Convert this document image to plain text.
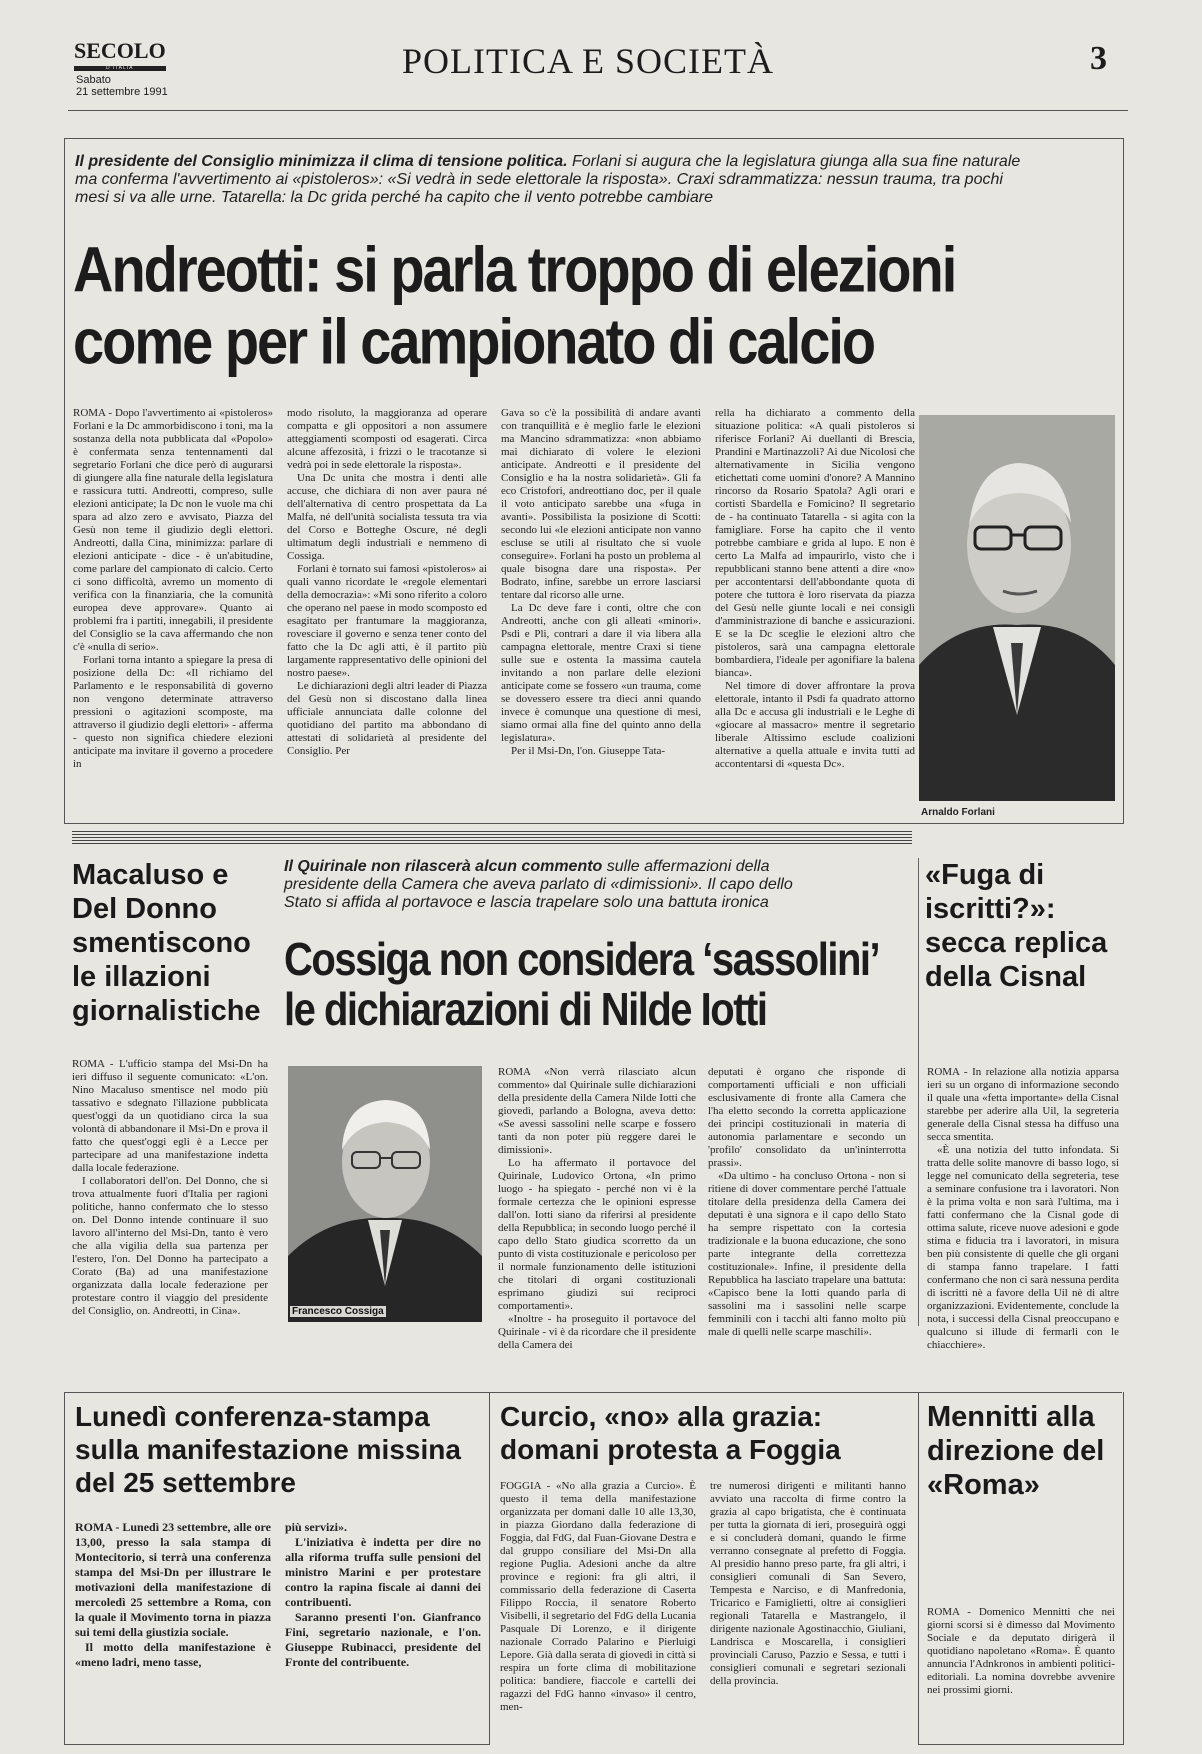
SECOLO
D'ITALIA
Sabato
21 settembre 1991
POLITICA E SOCIETÀ	3
Il presidente del Consiglio minimizza il clima di tensione politica. Forlani si augura che la legislatura giunga alla sua fine naturale ma conferma l'avvertimento ai «pistoleros»: «Si vedrà in sede elettorale la risposta». Craxi sdrammatizza: nessun trauma, tra pochi mesi si va alle urne. Tatarella: la Dc grida perché ha capito che il vento potrebbe cambiare
Andreotti: si parla troppo di elezioni
come per il campionato di calcio

ROMA - Dopo l'avvertimento ai «pistoleros» Forlani e la Dc ammorbidiscono i toni, ma la sostanza della nota pubblicata dal «Popolo» è confermata senza tentennamenti dal segretario Forlani che dice però di augurarsi di giungere alla fine naturale della legislatura e rassicura tutti. Andreotti, compreso, sulle elezioni anticipate; la Dc non le vuole ma chi spara ad alzo zero e avvisato, Piazza del Gesù non teme il giudizio degli elettori. Andreotti, dalla Cina, minimizza: parlare di elezioni anticipate - dice - è un'abitudine, come parlare del campionato di calcio. Certo ci sono difficoltà, avremo un momento di verifica con la finanziaria, che la comunità europea deve approvare». Quanto ai problemi fra i partiti, innegabili, il presidente del Consiglio se la cava affermando che non c'è «nulla di serio».

Forlani torna intanto a spiegare la presa di posizione della Dc: «Il richiamo del Parlamento e le responsabilità di governo non vengono determinate attraverso pressioni o agitazioni scomposte, ma attraverso il giudizio degli elettori» - afferma - questo non significa chiedere elezioni anticipate ma invitare il governo a procedere in

modo risoluto, la maggioranza ad operare compatta e gli oppositori a non assumere atteggiamenti scomposti od esagerati. Circa alcune affezosità, i frizzi o le tracotanze si vedrà poi in sede elettorale la risposta».

Una Dc unita che mostra i denti alle accuse, che dichiara di non aver paura né dell'alternativa di centro prospettata da La Malfa, né dell'unità socialista tessuta tra via del Corso e Botteghe Oscure, né degli ultimatum degli industriali e nemmeno di Cossiga.

Forlani è tornato sui famosi «pistoleros» ai quali vanno ricordate le «regole elementari della democrazia»: «Mi sono riferito a coloro che operano nel paese in modo scomposto ed esagitato per frantumare la maggioranza, rovesciare il governo e senza tener conto del fatto che la Dc agli atti, è il partito più largamente rappresentativo delle opinioni del nostro paese».

Le dichiarazioni degli altri leader di Piazza del Gesù non si discostano dalla linea ufficiale annunciata dalle colonne del quotidiano del partito ma abbondano di attestati di solidarietà al presidente del Consiglio. Per

Gava so c'è la possibilità di andare avanti con tranquillità e è meglio farle le elezioni ma Mancino sdrammatizza: «non abbiamo mai dichiarato di volere le elezioni anticipate. Andreotti e il presidente del Consiglio e ha la nostra solidarietà». Gli fa eco Cristofori, andreottiano doc, per il quale il voto anticipato sarebbe una «fuga in avanti». Possibilista la posizione di Scotti: secondo lui «le elezioni anticipate non vanno escluse se utili al risultato che si vuole conseguire». Forlani ha posto un problema al quale bisogna dare una risposta». Per Bodrato, infine, sarebbe un errore lasciarsi tentare dal ricorso alle urne.

La Dc deve fare i conti, oltre che con Andreotti, anche con gli alleati «minori». Psdi e Pli, contrari a dare il via libera alla campagna elettorale, mentre Craxi si tiene sulle sue e ostenta la massima cautela invitando a non parlare delle elezioni anticipate come se fossero «un trauma, come se dovessero essere tra dieci anni quando invece è comunque una questione di mesi, siamo ormai alla fine del quinto anno della legislatura».

Per il Msi-Dn, l'on. Giuseppe Tata-

rella ha dichiarato a commento della situazione politica: «A quali pistoleros si riferisce Forlani? Ai duellanti di Brescia, Prandini e Martinazzoli? Ai due Nicolosi che alternativamente in Sicilia vengono etichettati come uomini d'onore? A Mannino rincorso da Rosario Spatola? Agli orari e cortisti Sbardella e Fomicino? Il segretario de - ha continuato Tatarella - si agita con la famigliare. Forse ha capito che il vento potrebbe cambiare e grida al lupo. E non è certo La Malfa ad impaurirlo, visto che i repubblicani stanno bene attenti a dire «no» per accontentarsi dell'abbondante quota di potere che tuttora è loro riservata da piazza del Gesù nelle giunte locali e nei consigli d'amministrazione di banche e assicurazioni. E se la Dc sceglie le elezioni altro che pistoleros, sarà una campagna elettorale bombardiera, l'ideale per agonifiare la balena bianca».

Nel timore di dover affrontare la prova elettorale, intanto il Psdi fa quadrato attorno alla Dc e accusa gli industriali e le Leghe di «giocare al massacro» mentre il segretario liberale Altissimo esclude coalizioni alternative a quella attuale e invita tutti ad accontentarsi di «questa Dc».

Arnaldo Forlani
Macaluso e Del Donno smentiscono le illazioni giornalistiche

ROMA - L'ufficio stampa del Msi-Dn ha ieri diffuso il seguente comunicato: «L'on. Nino Macaluso smentisce nel modo più tassativo e sdegnato l'illazione pubblicata quest'oggi da un quotidiano circa la sua volontà di abbandonare il Msi-Dn e prova il fatto che quest'oggi egli è a Lecce per partecipare ad una manifestazione indetta dalla locale federazione.

I collaboratori dell'on. Del Donno, che si trova attualmente fuori d'Italia per ragioni politiche, hanno confermato che lo stesso on. Del Donno intende continuare il suo lavoro all'interno del Msi-Dn, tanto è vero che alla vigilia della sua partenza per l'estero, l'on. Del Donno ha partecipato a Corato (Ba) ad una manifestazione organizzata dalla locale federazione per protestare contro il viaggio del presidente del Consiglio, on. Andreotti, in Cina».

Il Quirinale non rilascerà alcun commento sulle affermazioni della presidente della Camera che aveva parlato di «dimissioni». Il capo dello Stato si affida al portavoce e lascia trapelare solo una battuta ironica
Cossiga non considera ‘sassolini’
le dichiarazioni di Nilde Iotti
Francesco Cossiga

ROMA «Non verrà rilasciato alcun commento» dal Quirinale sulle dichiarazioni della presidente della Camera Nilde Iotti che giovedì, parlando a Bologna, aveva detto: «Se avessi sassolini nelle scarpe e fossero tanti da non poter più reggere darei le dimissioni».

Lo ha affermato il portavoce del Quirinale, Ludovico Ortona, «In primo luogo - ha spiegato - perché non vi è la formale certezza che le opinioni espresse dall'on. Iotti siano da riferirsi al presidente della Repubblica; in secondo luogo perché il capo dello Stato giudica scorretto da un punto di vista costituzionale e pericoloso per il normale funzionamento delle istituzioni che titolari di organi costituzionali esprimano giudizi sui reciproci comportamenti».

«Inoltre - ha proseguito il portavoce del Quirinale - vi è da ricordare che il presidente della Camera dei

deputati è organo che risponde di comportamenti ufficiali e non ufficiali esclusivamente di fronte alla Camera che l'ha eletto secondo la corretta applicazione dei principi costituzionali in materia di autonomia parlamentare e secondo un 'profilo' consolidato da un'ininterrotta prassi».

«Da ultimo - ha concluso Ortona - non si ritiene di dover commentare perché l'attuale titolare della presidenza della Camera dei deputati è una signora e il capo dello Stato ha sempre rispettato con la cortesia tradizionale e la buona educazione, che sono parte integrante della correttezza costituzionale». Infine, il presidente della Repubblica ha lasciato trapelare una battuta: «Capisco bene la Iotti quando parla di sassolini ma i sassolini nelle scarpe femminili con i tacchi alti fanno molto più male di quelli nelle scarpe maschili».

«Fuga di iscritti?»: secca replica della Cisnal

ROMA - In relazione alla notizia apparsa ieri su un organo di informazione secondo il quale una «fetta importante» della Cisnal starebbe per aderire alla Uil, la segreteria generale della Cisnal stessa ha diffuso una secca smentita.

«È una notizia del tutto infondata. Si tratta delle solite manovre di basso logo, si legge nel comunicato della segreteria, tese a seminare confusione tra i lavoratori. Non è la prima volta e non sarà l'ultima, ma i fatti confermano che la Cisnal gode di ottima salute, riceve nuove adesioni e gode stima e fiducia tra i lavoratori, in misura ben più consistente di quelle che gli organi di stampa fanno trapelare. I fatti confermano che non ci sarà nessuna perdita di iscritti nè a favore della Uil nè di altre organizzazioni. Evidentemente, conclude la nota, i successi della Cisnal preoccupano e qualcuno si illude di fermarli con le chiacchiere».

Lunedì conferenza-stampa sulla manifestazione missina del 25 settembre

ROMA - Lunedì 23 settembre, alle ore 13,00, presso la sala stampa di Montecitorio, si terrà una conferenza stampa del Msi-Dn per illustrare le motivazioni della manifestazione di mercoledì 25 settembre a Roma, con la quale il Movimento torna in piazza sui temi della giustizia sociale.

Il motto della manifestazione è «meno ladri, meno tasse,

più servizi».

L'iniziativa è indetta per dire no alla riforma truffa sulle pensioni del ministro Marini e per protestare contro la rapina fiscale ai danni dei contribuenti.

Saranno presenti l'on. Gianfranco Fini, segretario nazionale, e l'on. Giuseppe Rubinacci, presidente del Fronte del contribuente.

Curcio, «no» alla grazia: domani protesta a Foggia

FOGGIA - «No alla grazia a Curcio». È questo il tema della manifestazione organizzata per domani dalle 10 alle 13,30, in piazza Giordano dalla federazione di Foggia, dal FdG, dal Fuan-Giovane Destra e dal gruppo consiliare del Msi-Dn alla regione Puglia. Adesioni anche da altre province e regioni: fra gli altri, il commissario della federazione di Caserta Filippo Roccia, il senatore Roberto Visibelli, il segretario del FdG della Lucania Pasquale Di Lorenzo, e il dirigente nazionale Corrado Palarino e Pierluigi Lepore. Già dalla serata di giovedì in città si respira un forte clima di mobilitazione politica: bandiere, fiaccole e cartelli dei ragazzi del FdG hanno «invaso» il centro, men-

tre numerosi dirigenti e militanti hanno avviato una raccolta di firme contro la grazia al capo brigatista, che è continuata per tutta la giornata di ieri, proseguirà oggi e si concluderà domani, quando le firme verranno consegnate al prefetto di Foggia. Al presidio hanno preso parte, fra gli altri, i consiglieri comunali di San Severo, Tempesta e Narciso, e di Manfredonia, Tricarico e Famiglietti, oltre ai consiglieri regionali Tatarella e Mastrangelo, il dirigente nazionale Agostinacchio, Giuliani, Landrisca e Moscarella, i consiglieri provinciali Caruso, Pazzio e Sessa, e tutti i consiglieri comunali e segretari sezionali della provincia.

Mennitti alla direzione del «Roma»

ROMA - Domenico Mennitti che nei giorni scorsi si è dimesso dal Movimento Sociale e da deputato dirigerà il quotidiano napoletano «Roma». È quanto annuncia l'Adnkronos in ambienti politici-editoriali. La nomina dovrebbe avvenire nei prossimi giorni.
